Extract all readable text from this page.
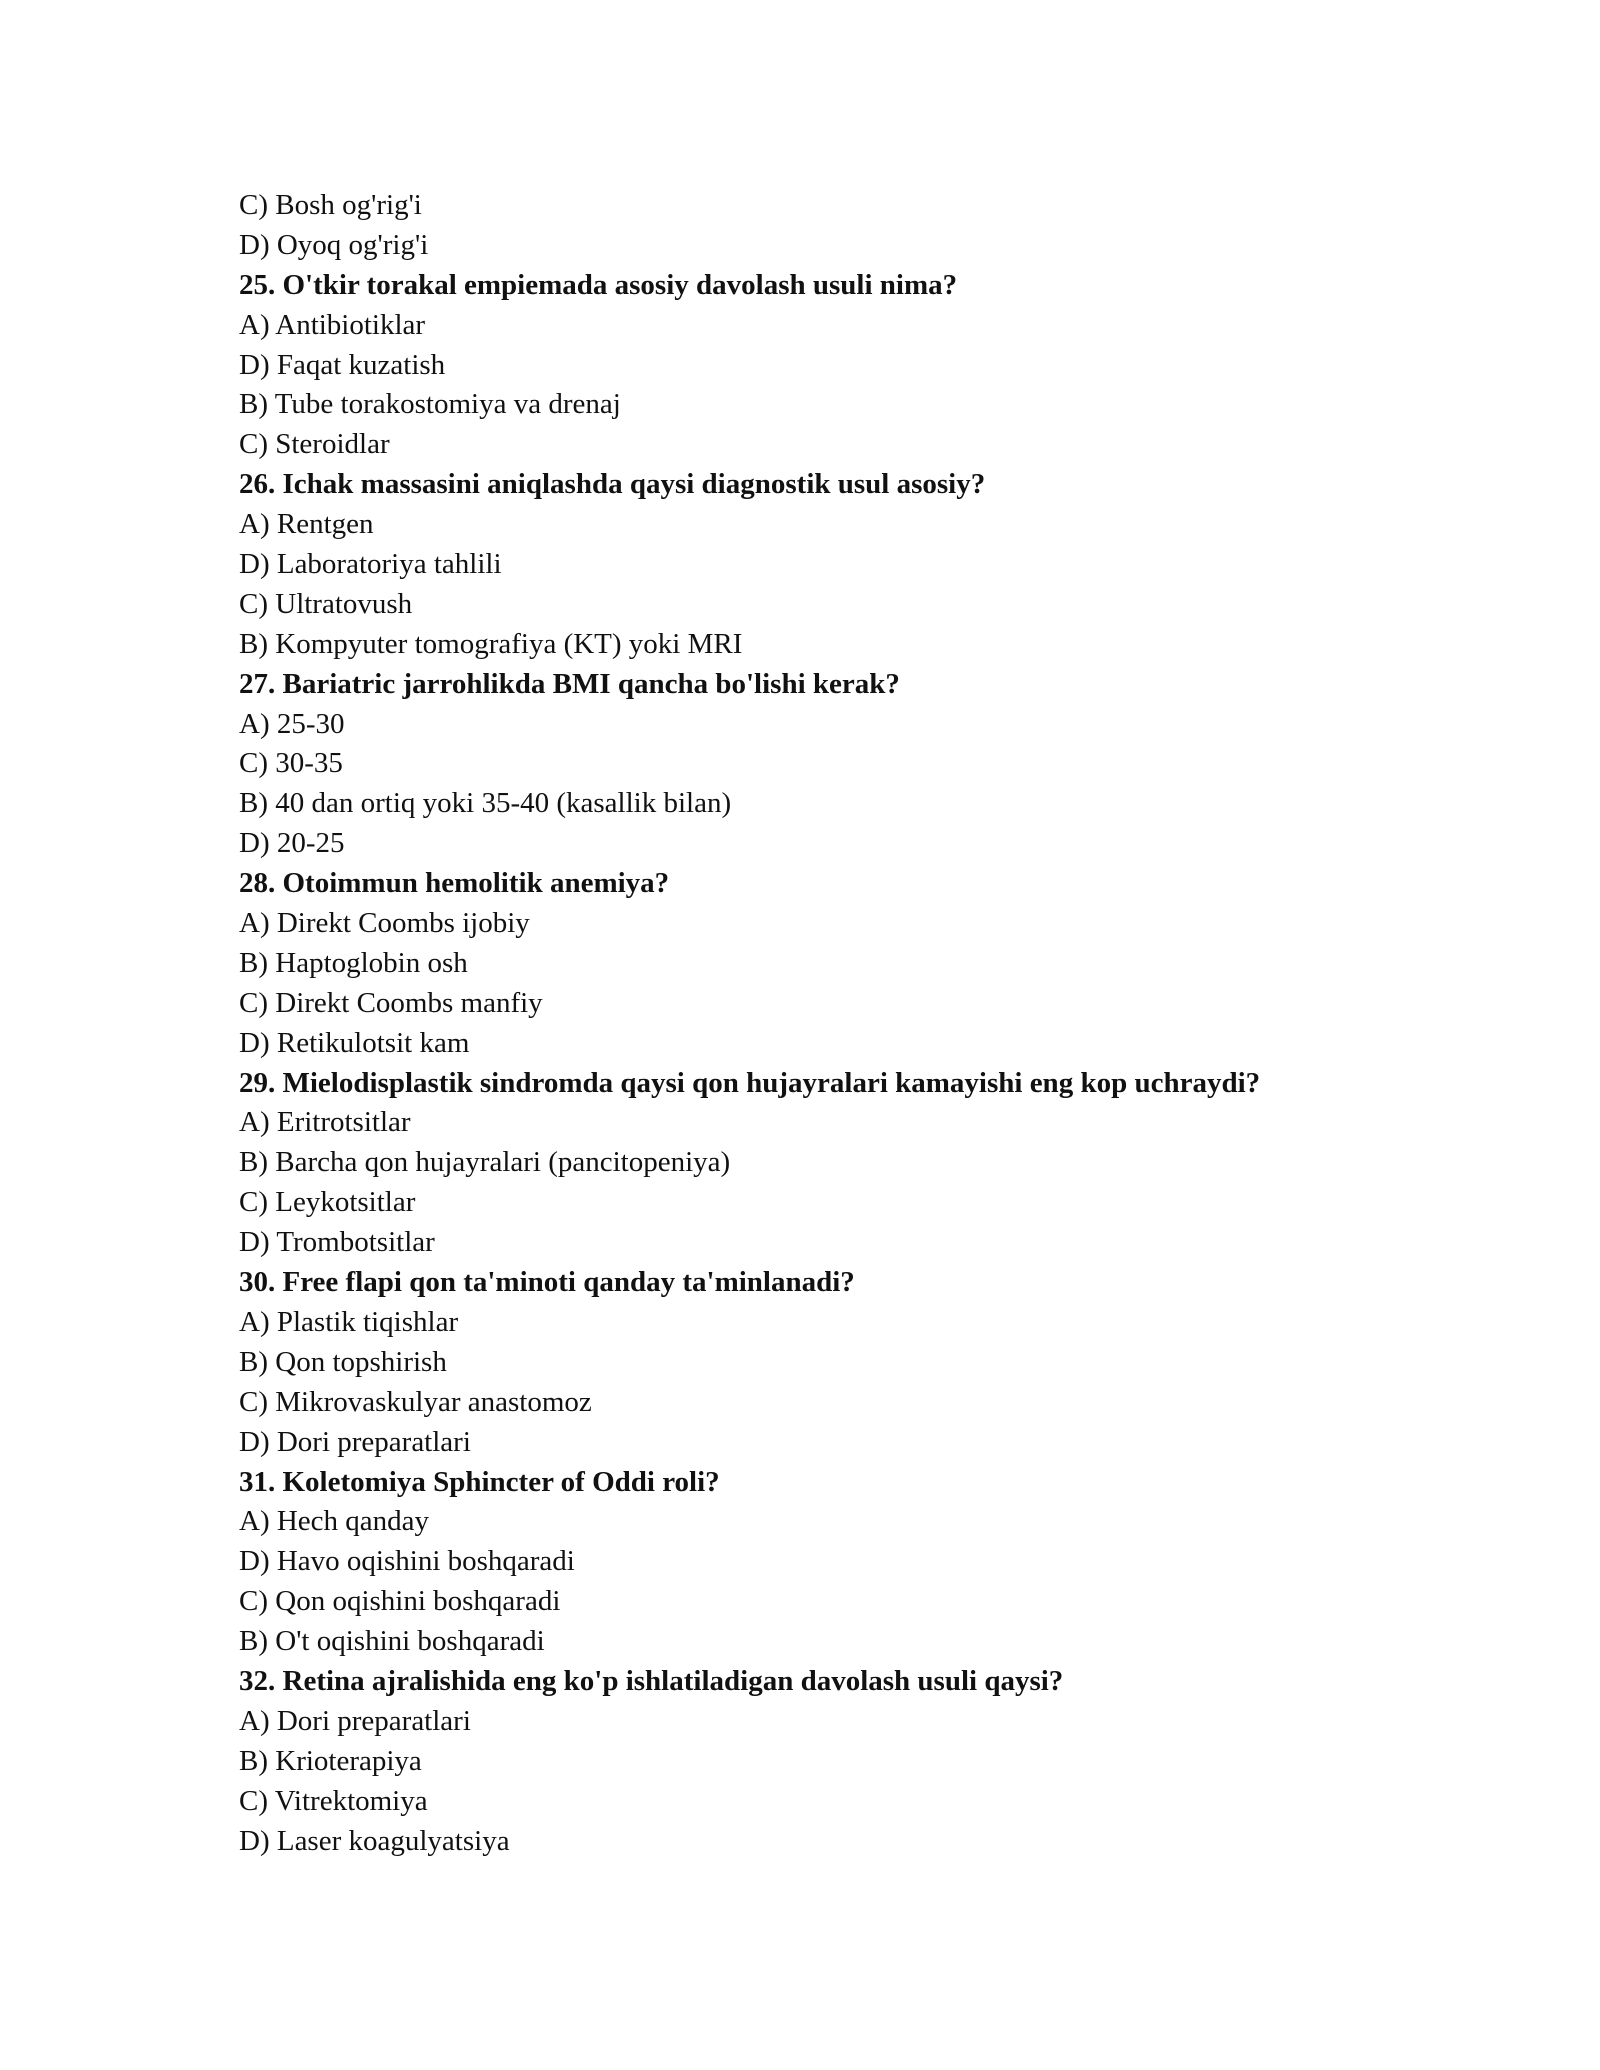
C) Bosh og'rig'i
D) Oyoq og'rig'i
25. O'tkir torakal empiemada asosiy davolash usuli nima?
A) Antibiotiklar
D) Faqat kuzatish
B) Tube torakostomiya va drenaj
C) Steroidlar
26. Ichak massasini aniqlashda qaysi diagnostik usul asosiy?
A) Rentgen
D) Laboratoriya tahlili
C) Ultratovush
B) Kompyuter tomografiya (KT) yoki MRI
27. Bariatric jarrohlikda BMI qancha bo'lishi kerak?
A) 25-30
C) 30-35
B) 40 dan ortiq yoki 35-40 (kasallik bilan)
D) 20-25
28. Otoimmun hemolitik anemiya?
A) Direkt Coombs ijobiy
B) Haptoglobin osh
C) Direkt Coombs manfiy
D) Retikulotsit kam
29. Mielodisplastik sindromda qaysi qon hujayralari kamayishi eng kop uchraydi?
A) Eritrotsitlar
B) Barcha qon hujayralari (pancitopeniya)
C) Leykotsitlar
D) Trombotsitlar
30. Free flapi qon ta'minoti qanday ta'minlanadi?
A) Plastik tiqishlar
B) Qon topshirish
C) Mikrovaskulyar anastomoz
D) Dori preparatlari
31. Koletomiya Sphincter of Oddi roli?
A) Hech qanday
D) Havo oqishini boshqaradi
C) Qon oqishini boshqaradi
B) O't oqishini boshqaradi
32. Retina ajralishida eng ko'p ishlatiladigan davolash usuli qaysi?
A) Dori preparatlari
B) Krioterapiya
C) Vitrektomiya
D) Laser koagulyatsiya
